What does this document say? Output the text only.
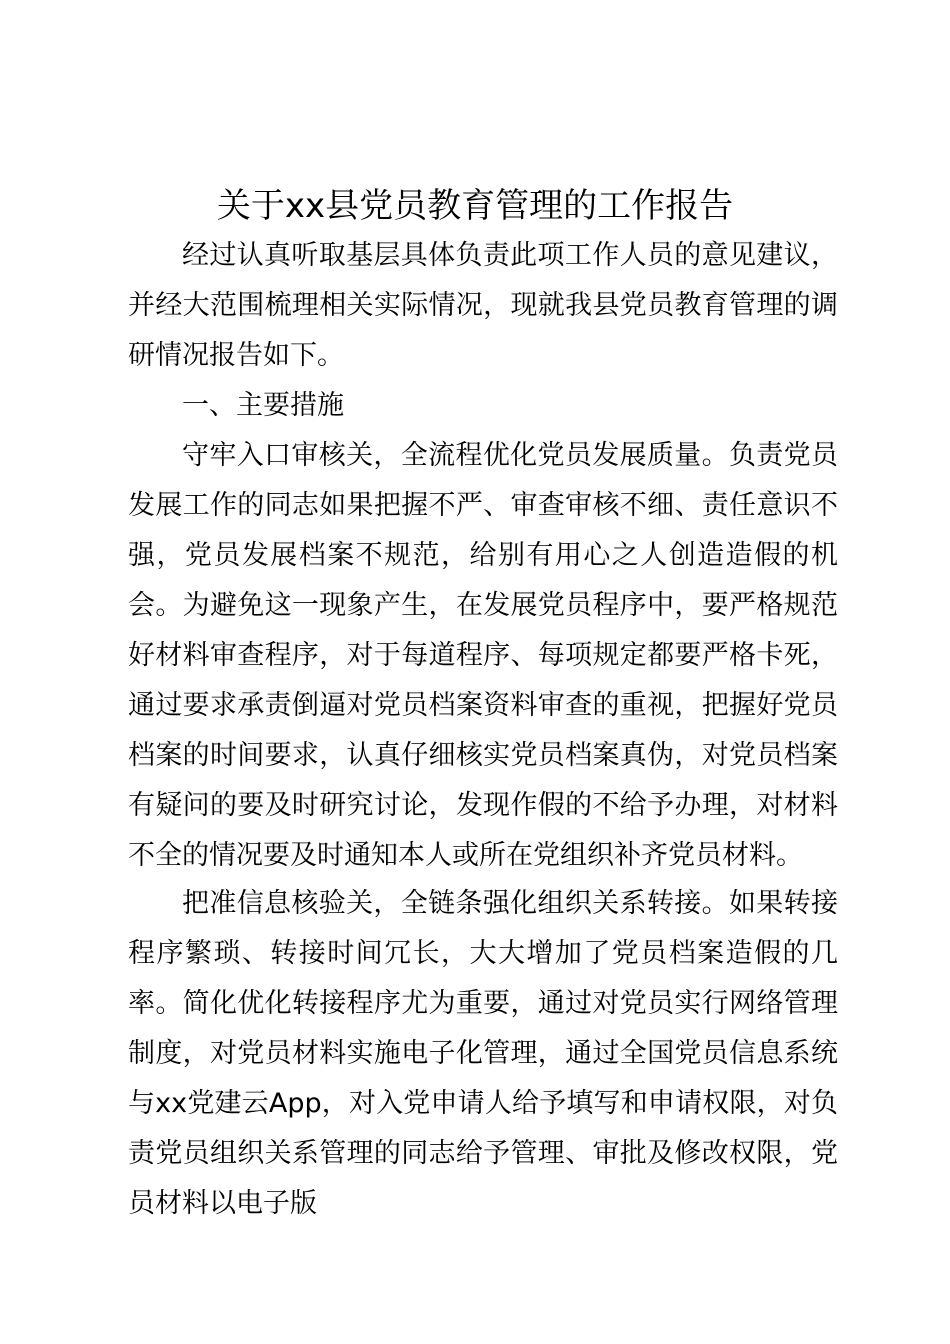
关于xx县党员教育管理的工作报告

经过认真听取基层具体负责此项工作人员的意见建议，并经大范围梳理相关实际情况，现就我县党员教育管理的调研情况报告如下。

一、主要措施

守牢入口审核关，全流程优化党员发展质量。负责党员发展工作的同志如果把握不严、审查审核不细、责任意识不强，党员发展档案不规范，给别有用心之人创造造假的机会。为避免这一现象产生，在发展党员程序中，要严格规范好材料审查程序，对于每道程序、每项规定都要严格卡死，通过要求承责倒逼对党员档案资料审查的重视，把握好党员档案的时间要求，认真仔细核实党员档案真伪，对党员档案有疑问的要及时研究讨论，发现作假的不给予办理，对材料不全的情况要及时通知本人或所在党组织补齐党员材料。

把准信息核验关，全链条强化组织关系转接。如果转接程序繁琐、转接时间冗长，大大增加了党员档案造假的几率。简化优化转接程序尤为重要，通过对党员实行网络管理制度，对党员材料实施电子化管理，通过全国党员信息系统与xx党建云App，对入党申请人给予填写和申请权限，对负责党员组织关系管理的同志给予管理、审批及修改权限，党员材料以电子版
